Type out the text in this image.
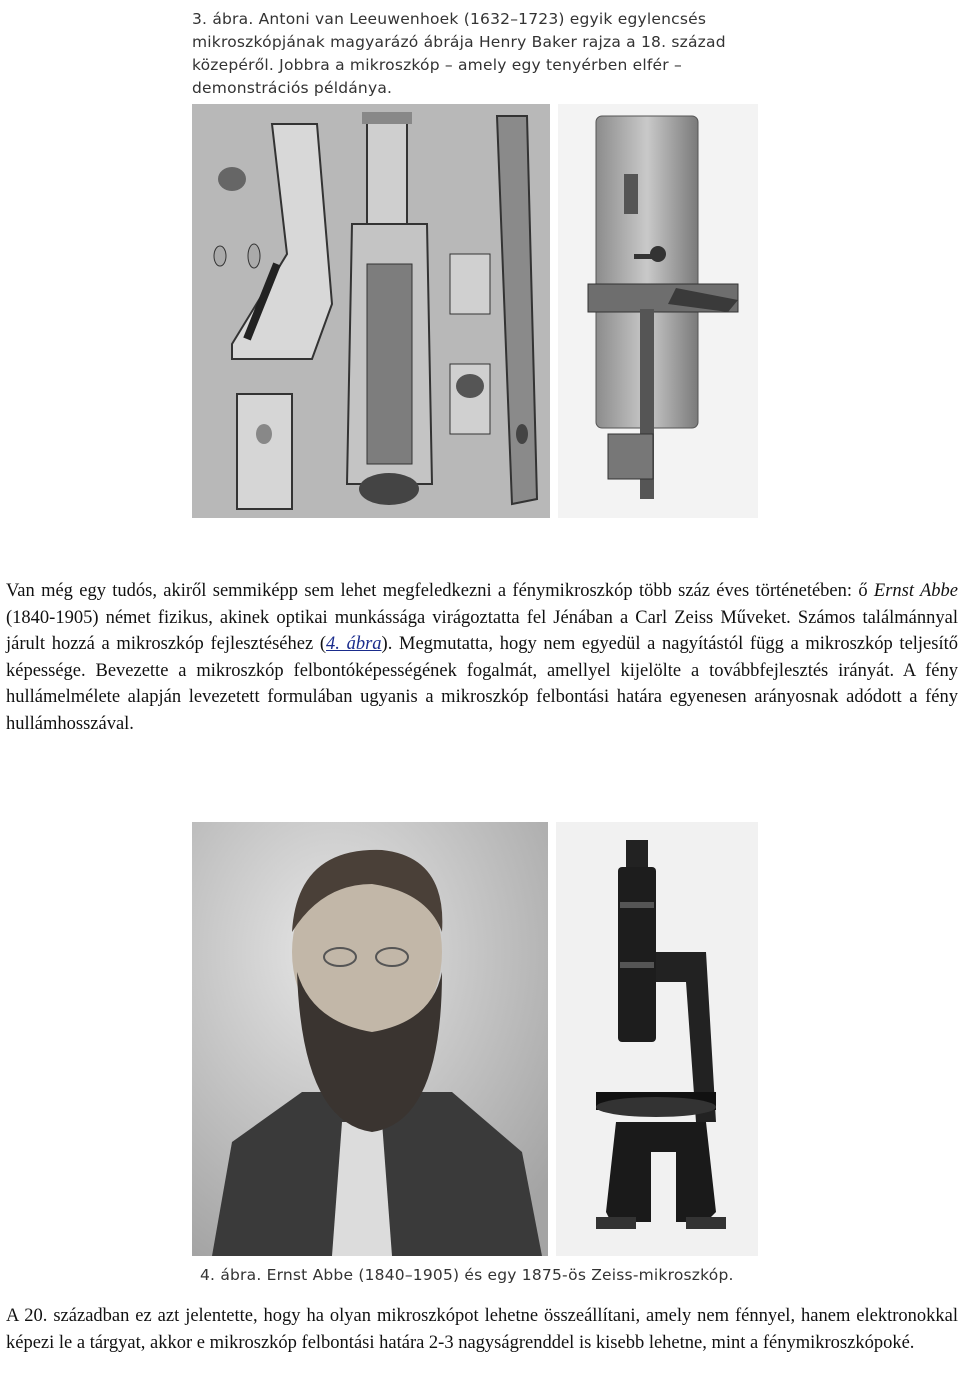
3. ábra. Antoni van Leeuwenhoek (1632–1723) egyik egylencsés mikroszkópjának magyarázó ábrája Henry Baker rajza a 18. század közepéről. Jobbra a mikroszkóp – amely egy tenyérben elfér – demonstrációs példánya.
Van még egy tudós, akiről semmiképp sem lehet megfeledkezni a fénymikroszkóp több száz éves történetében: ő Ernst Abbe (1840-1905) német fizikus, akinek optikai munkássága virágoztatta fel Jénában a Carl Zeiss Műveket. Számos találmánnyal járult hozzá a mikroszkóp fejlesztéséhez (4. ábra). Megmutatta, hogy nem egyedül a nagyítástól függ a mikroszkóp teljesítő képessége. Bevezette a mikroszkóp felbontóképességének fogalmát, amellyel kijelölte a továbbfejlesztés irányát. A fény hullámelmélete alapján levezetett formulában ugyanis a mikroszkóp felbontási határa egyenesen arányosnak adódott a fény hullámhosszával.
4. ábra. Ernst Abbe (1840–1905) és egy 1875-ös Zeiss-mikroszkóp.
A 20. században ez azt jelentette, hogy ha olyan mikroszkópot lehetne összeállítani, amely nem fénnyel, hanem elektronokkal képezi le a tárgyat, akkor e mikroszkóp felbontási határa 2-3 nagyságrenddel is kisebb lehetne, mint a fénymikroszkópoké.
